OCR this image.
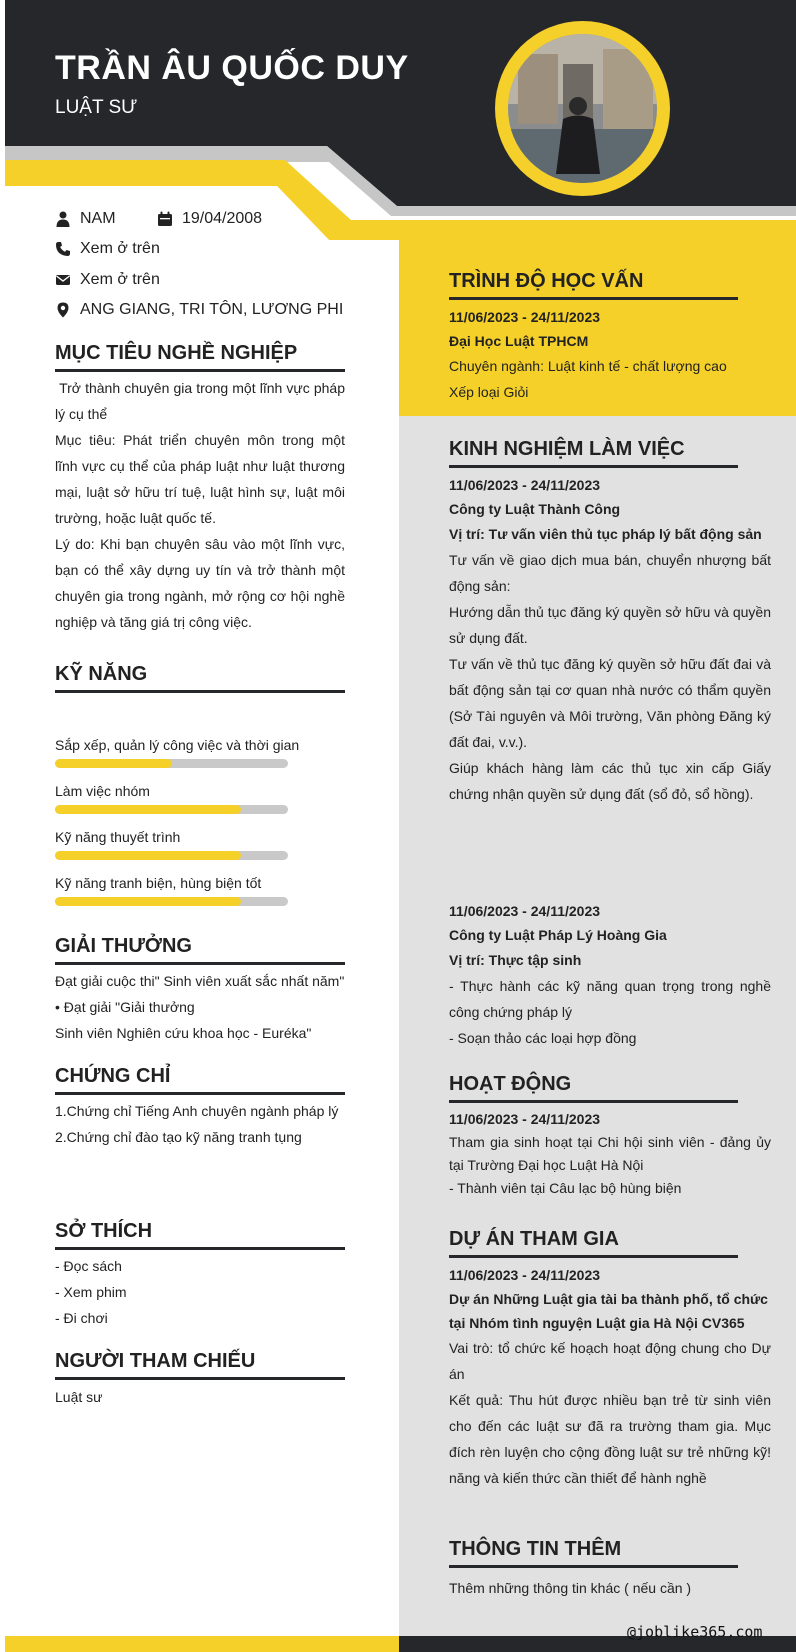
TRẦN ÂU QUỐC DUY
LUẬT SƯ
NAM	19/04/2008
Xem ở trên
Xem ở trên
ANG GIANG, TRI TÔN, LƯƠNG PHI
MỤC TIÊU NGHỀ NGHIỆP
Trở thành chuyên gia trong một lĩnh vực pháp lý cụ thể
Mục tiêu: Phát triển chuyên môn trong một lĩnh vực cụ thể của pháp luật như luật thương mại, luật sở hữu trí tuệ, luật hình sự, luật môi trường, hoặc luật quốc tế.
Lý do: Khi bạn chuyên sâu vào một lĩnh vực, bạn có thể xây dựng uy tín và trở thành một chuyên gia trong ngành, mở rộng cơ hội nghề nghiệp và tăng giá trị công việc.
KỸ NĂNG
Sắp xếp, quản lý công việc và thời gian
Làm việc nhóm
Kỹ năng thuyết trình
Kỹ năng tranh biện, hùng biện tốt
GIẢI THƯỞNG
Đạt giải cuộc thi" Sinh viên xuất sắc nhất năm"
• Đạt giải "Giải thưởng
Sinh viên Nghiên cứu khoa học - Euréka"
CHỨNG CHỈ
1.Chứng chỉ Tiếng Anh chuyên ngành pháp lý
2.Chứng chỉ đào tạo kỹ năng tranh tụng
SỞ THÍCH
- Đọc sách
- Xem phim
- Đi chơi
NGƯỜI THAM CHIẾU
Luật sư
TRÌNH ĐỘ HỌC VẤN
11/06/2023 - 24/11/2023
Đại Học Luật TPHCM
Chuyên ngành: Luật kinh tế - chất lượng cao
Xếp loại Giỏi
KINH NGHIỆM LÀM VIỆC
11/06/2023 - 24/11/2023
Công ty Luật Thành Công
Vị trí: Tư vấn viên thủ tục pháp lý bất động sản
Tư vấn về giao dịch mua bán, chuyển nhượng bất động sản:
Hướng dẫn thủ tục đăng ký quyền sở hữu và quyền sử dụng đất.
Tư vấn về thủ tục đăng ký quyền sở hữu đất đai và bất động sản tại cơ quan nhà nước có thẩm quyền (Sở Tài nguyên và Môi trường, Văn phòng Đăng ký đất đai, v.v.).
Giúp khách hàng làm các thủ tục xin cấp Giấy chứng nhận quyền sử dụng đất (sổ đỏ, sổ hồng).
11/06/2023 - 24/11/2023
Công ty Luật Pháp Lý Hoàng Gia
Vị trí: Thực tập sinh
- Thực hành các kỹ năng quan trọng trong nghề công chứng pháp lý
- Soạn thảo các loại hợp đồng
HOẠT ĐỘNG
11/06/2023 - 24/11/2023
Tham gia sinh hoạt tại Chi hội sinh viên - đảng ủy tại Trường Đại học Luật Hà Nội
- Thành viên tại Câu lạc bộ hùng biện
DỰ ÁN THAM GIA
11/06/2023 - 24/11/2023
Dự án Những Luật gia tài ba thành phố, tổ chức tại Nhóm tình nguyện Luật gia Hà Nội CV365
Vai trò: tổ chức kế hoạch hoạt động chung cho Dự án
Kết quả: Thu hút được nhiều bạn trẻ từ sinh viên cho đến các luật sư đã ra trường tham gia. Mục đích rèn luyện cho cộng đồng luật sư trẻ những kỹ! năng và kiến thức cần thiết để hành nghề
THÔNG TIN THÊM
Thêm những thông tin khác ( nếu cần )
@joblike365.com
